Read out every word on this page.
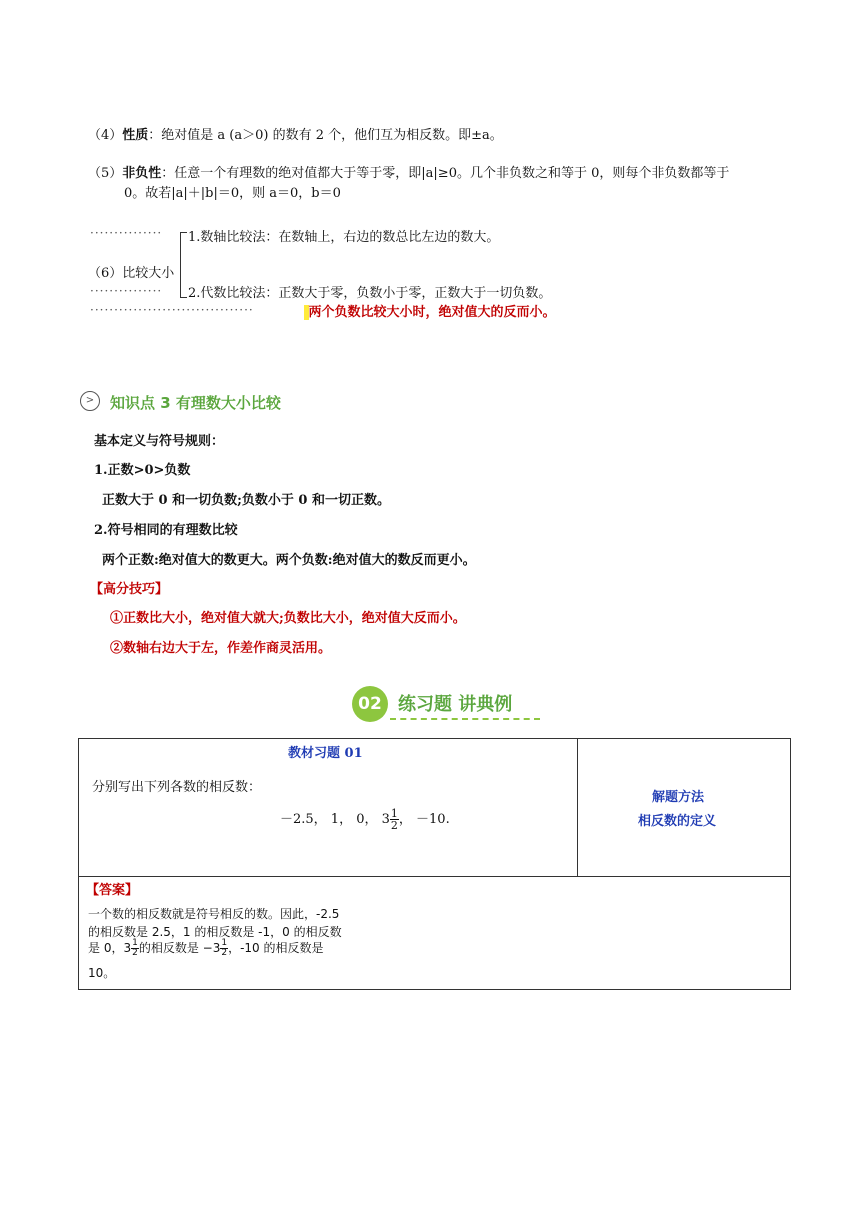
（4）性质：绝对值是 a (a＞0) 的数有 2 个，他们互为相反数。即±a。
（5）非负性：任意一个有理数的绝对值都大于等于零，即|a|≥0。几个非负数之和等于 0，则每个非负数都等于
0。故若|a|＋|b|＝0，则 a＝0，b＝0
··············· 1.数轴比较法：在数轴上，右边的数总比左边的数大。
（6）比较大小
··············· 2.代数比较法：正数大于零，负数小于零，正数大于一切负数。
··································	两个负数比较大小时，绝对值大的反而小。
>	知识点 3 有理数大小比较
基本定义与符号规则：
1.正数>0>负数
正数大于 0 和一切负数;负数小于 0 和一切正数。
2.符号相同的有理数比较
两个正数:绝对值大的数更大。两个负数:绝对值大的数反而更小。
【高分技巧】
①正数比大小，绝对值大就大;负数比大小，绝对值大反而小。
②数轴右边大于左，作差作商灵活用。
02 练习题 讲典例
教材习题 01
分别写出下列各数的相反数：
－2.5， 1， 0， $3 \frac{1}{2}$ ， －10.
解题方法
相反数的定义
【答案】
一个数的相反数就是符号相反的数。因此，-2.5
的相反数是 2.5，1 的相反数是 -1，0 的相反数
是 0，$3 \frac{1}{2}$ 的相反数是 $-3 \frac{1}{2}$ ，-10 的相反数是
10。
